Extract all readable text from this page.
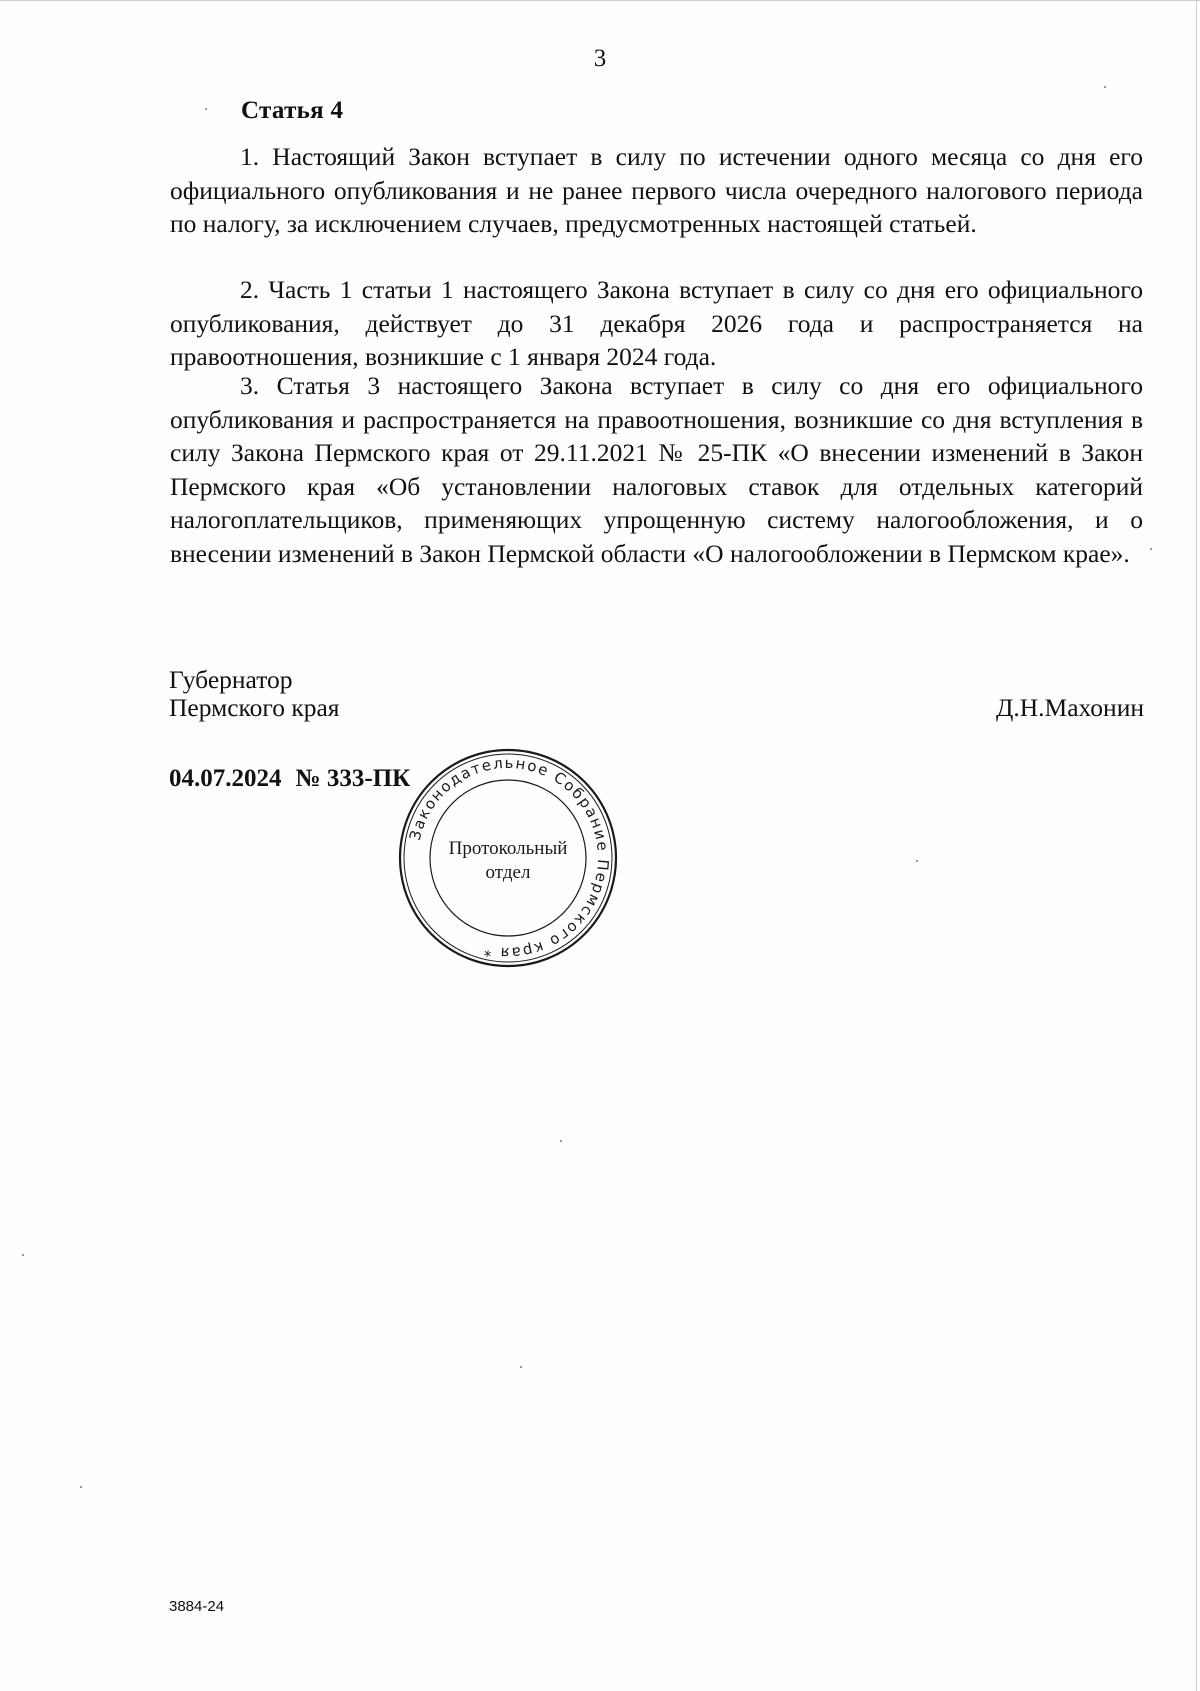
3
Статья 4

1. Настоящий Закон вступает в силу по истечении одного месяца со дня его официального опубликования и не ранее первого числа очередного налогового периода по налогу, за исключением случаев, предусмотренных настоящей статьей.

2. Часть 1 статьи 1 настоящего Закона вступает в силу со дня его официального опубликования, действует до 31 декабря 2026 года и распространяется на правоотношения, возникшие с 1 января 2024 года.

3. Статья 3 настоящего Закона вступает в силу со дня его официального опубликования и распространяется на правоотношения, возникшие со дня вступления в силу Закона Пермского края от 29.11.2021 № 25-ПК «О внесении изменений в Закон Пермского края «Об установлении налоговых ставок для отдельных категорий налогоплательщиков, применяющих упрощенную систему налогообложения, и о внесении изменений в Закон Пермской области «О налогообложении в Пермском крае».

Губернатор
Пермского края	Д.Н.Махонин
04.07.2024 № 333-ПК
Законодательное Собрание Пермского края *
Протокольный
отдел
3884-24
